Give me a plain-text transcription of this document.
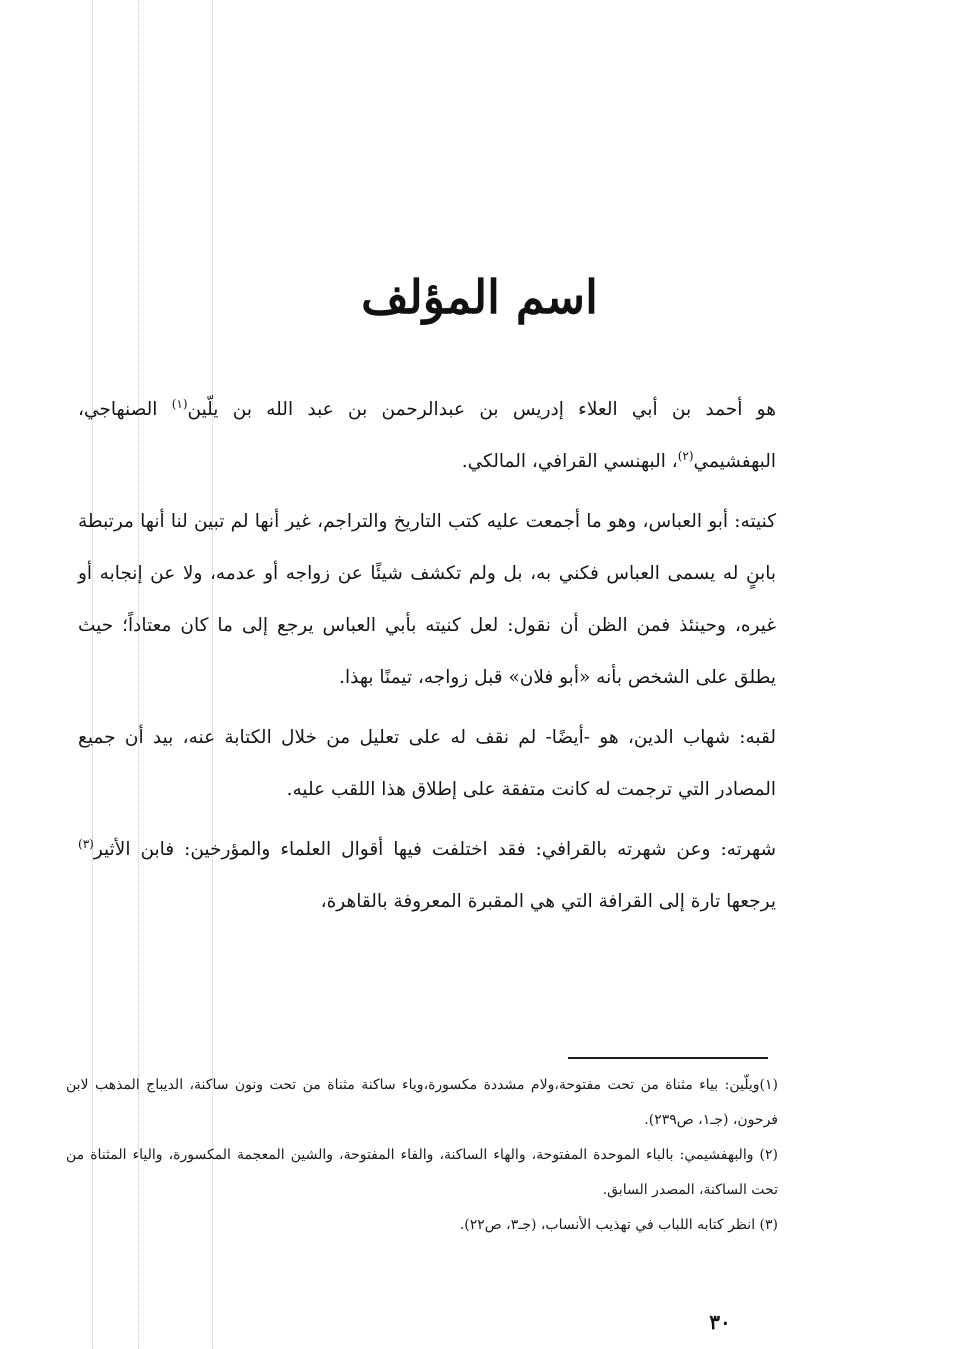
اسم المؤلف

هو أحمد بن أبي العلاء إدريس بن عبدالرحمن بن عبد الله بن يلّين$^{(١)}$ الصنهاجي، البهفشيمي$^{(٢)}$، البهنسي القرافي، المالكي.

كنيته: أبو العباس، وهو ما أجمعت عليه كتب التاريخ والتراجم، غير أنها لم تبين لنا أنها مرتبطة بابنٍ له يسمى العباس فكني به، بل ولم تكشف شيئًا عن زواجه أو عدمه، ولا عن إنجابه أو غيره، وحينئذ فمن الظن أن نقول: لعل كنيته بأبي العباس يرجع إلى ما كان معتاداً؛ حيث يطلق على الشخص بأنه «أبو فلان» قبل زواجه، تيمنًا بهذا.

لقبه: شهاب الدين، هو -أيضًا- لم نقف له على تعليل من خلال الكتابة عنه، بيد أن جميع المصادر التي ترجمت له كانت متفقة على إطلاق هذا اللقب عليه.

شهرته: وعن شهرته بالقرافي: فقد اختلفت فيها أقوال العلماء والمؤرخين: فابن الأثير$^{(٣)}$ يرجعها تارة إلى القرافة التي هي المقبرة المعروفة بالقاهرة،

(١)ويلّين: بياء مثناة من تحت مفتوحة،ولام مشددة مكسورة،وياء ساكنة مثناة من تحت ونون ساكنة، الديباج المذهب لابن فرحون، (جـ١، ص٢٣٩).

(٢) والبهفشيمي: بالباء الموحدة المفتوحة، والهاء الساكنة، والفاء المفتوحة، والشين المعجمة المكسورة، والياء المثناة من تحت الساكنة، المصدر السابق.

(٣) انظر كتابه اللباب في تهذيب الأنساب، (جـ٣، ص٢٢).

٣٠
